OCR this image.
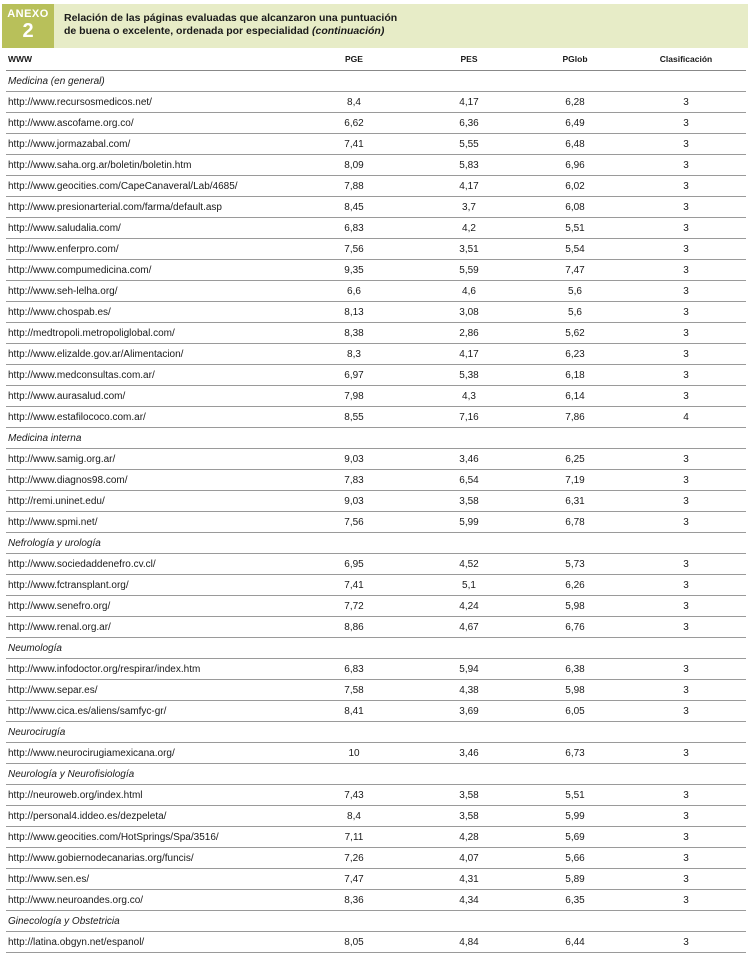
ANEXO
2
Relación de las páginas evaluadas que alcanzaron una puntuación
de buena o excelente, ordenada por especialidad (continuación)
WWW	PGE	PES	PGlob	Clasificación
Medicina (en general)				
http://www.recursosmedicos.net/	8,4	4,17	6,28	3
http://www.ascofame.org.co/	6,62	6,36	6,49	3
http://www.jormazabal.com/	7,41	5,55	6,48	3
http://www.saha.org.ar/boletin/boletin.htm	8,09	5,83	6,96	3
http://www.geocities.com/CapeCanaveral/Lab/4685/	7,88	4,17	6,02	3
http://www.presionarterial.com/farma/default.asp	8,45	3,7	6,08	3
http://www.saludalia.com/	6,83	4,2	5,51	3
http://www.enferpro.com/	7,56	3,51	5,54	3
http://www.compumedicina.com/	9,35	5,59	7,47	3
http://www.seh-lelha.org/	6,6	4,6	5,6	3
http://www.chospab.es/	8,13	3,08	5,6	3
http://medtropoli.metropoliglobal.com/	8,38	2,86	5,62	3
http://www.elizalde.gov.ar/Alimentacion/	8,3	4,17	6,23	3
http://www.medconsultas.com.ar/	6,97	5,38	6,18	3
http://www.aurasalud.com/	7,98	4,3	6,14	3
http://www.estafilococo.com.ar/	8,55	7,16	7,86	4
Medicina interna				
http://www.samig.org.ar/	9,03	3,46	6,25	3
http://www.diagnos98.com/	7,83	6,54	7,19	3
http://remi.uninet.edu/	9,03	3,58	6,31	3
http://www.spmi.net/	7,56	5,99	6,78	3
Nefrología y urología				
http://www.sociedaddenefro.cv.cl/	6,95	4,52	5,73	3
http://www.fctransplant.org/	7,41	5,1	6,26	3
http://www.senefro.org/	7,72	4,24	5,98	3
http://www.renal.org.ar/	8,86	4,67	6,76	3
Neumología				
http://www.infodoctor.org/respirar/index.htm	6,83	5,94	6,38	3
http://www.separ.es/	7,58	4,38	5,98	3
http://www.cica.es/aliens/samfyc-gr/	8,41	3,69	6,05	3
Neurocirugía				
http://www.neurocirugiamexicana.org/	10	3,46	6,73	3
Neurología y Neurofisiología				
http://neuroweb.org/index.html	7,43	3,58	5,51	3
http://personal4.iddeo.es/dezpeleta/	8,4	3,58	5,99	3
http://www.geocities.com/HotSprings/Spa/3516/	7,11	4,28	5,69	3
http://www.gobiernodecanarias.org/funcis/	7,26	4,07	5,66	3
http://www.sen.es/	7,47	4,31	5,89	3
http://www.neuroandes.org.co/	8,36	4,34	6,35	3
Ginecología y Obstetricia				
http://latina.obgyn.net/espanol/	8,05	4,84	6,44	3
